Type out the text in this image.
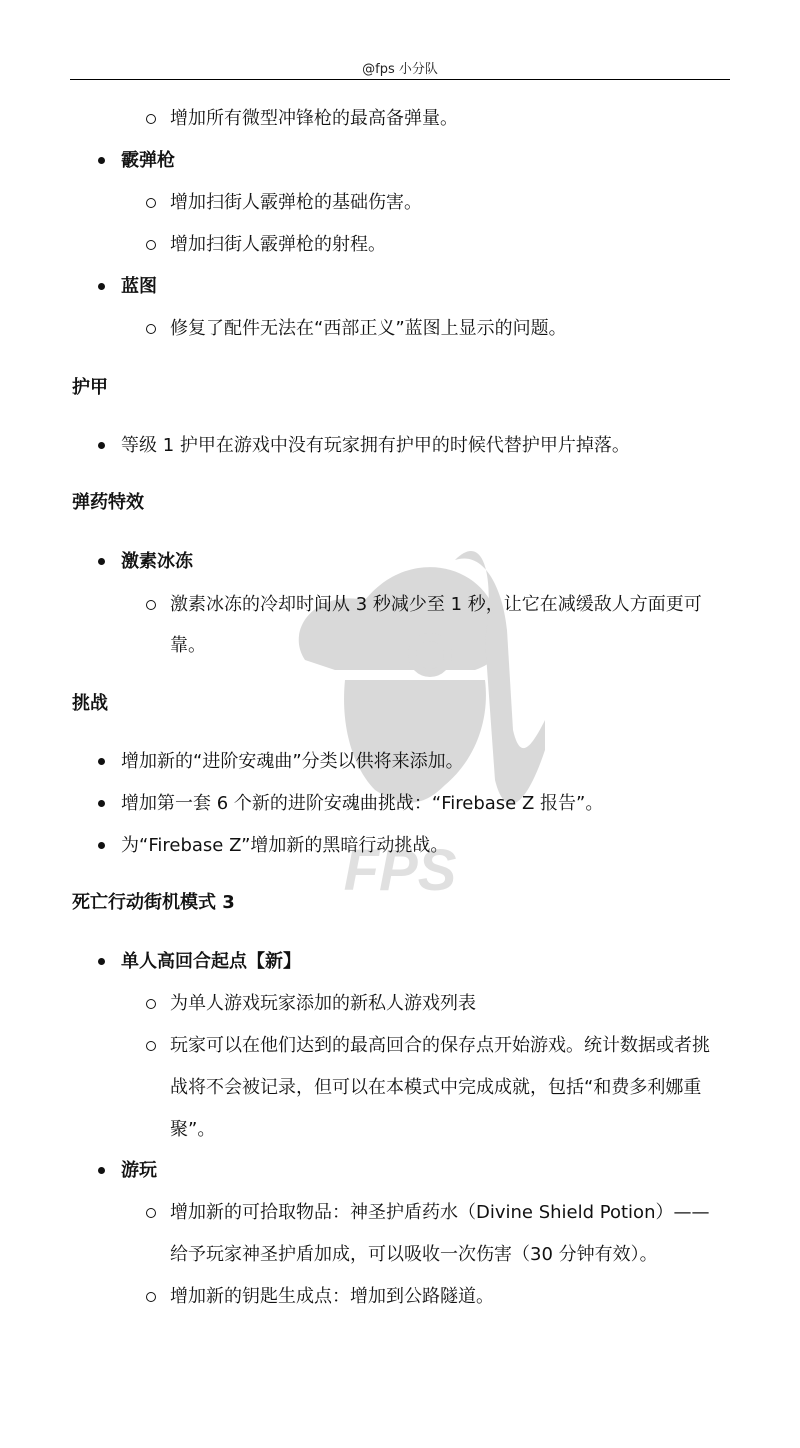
@fps 小分队
FPS
增加所有微型冲锋枪的最高备弹量。
霰弹枪
增加扫街人霰弹枪的基础伤害。
增加扫街人霰弹枪的射程。
蓝图
修复了配件无法在“西部正义”蓝图上显示的问题。
护甲
等级 1 护甲在游戏中没有玩家拥有护甲的时候代替护甲片掉落。
弹药特效
激素冰冻
激素冰冻的冷却时间从 3 秒减少至 1 秒，让它在减缓敌人方面更可
靠。
挑战
增加新的“进阶安魂曲”分类以供将来添加。
增加第一套 6 个新的进阶安魂曲挑战：“Firebase Z 报告”。
为“Firebase Z”增加新的黑暗行动挑战。
死亡行动街机模式 3
单人高回合起点【新】
为单人游戏玩家添加的新私人游戏列表
玩家可以在他们达到的最高回合的保存点开始游戏。统计数据或者挑
战将不会被记录，但可以在本模式中完成成就，包括“和费多利娜重
聚”。
游玩
增加新的可拾取物品：神圣护盾药水（Divine Shield Potion）——
给予玩家神圣护盾加成，可以吸收一次伤害（30 分钟有效）。
增加新的钥匙生成点：增加到公路隧道。
